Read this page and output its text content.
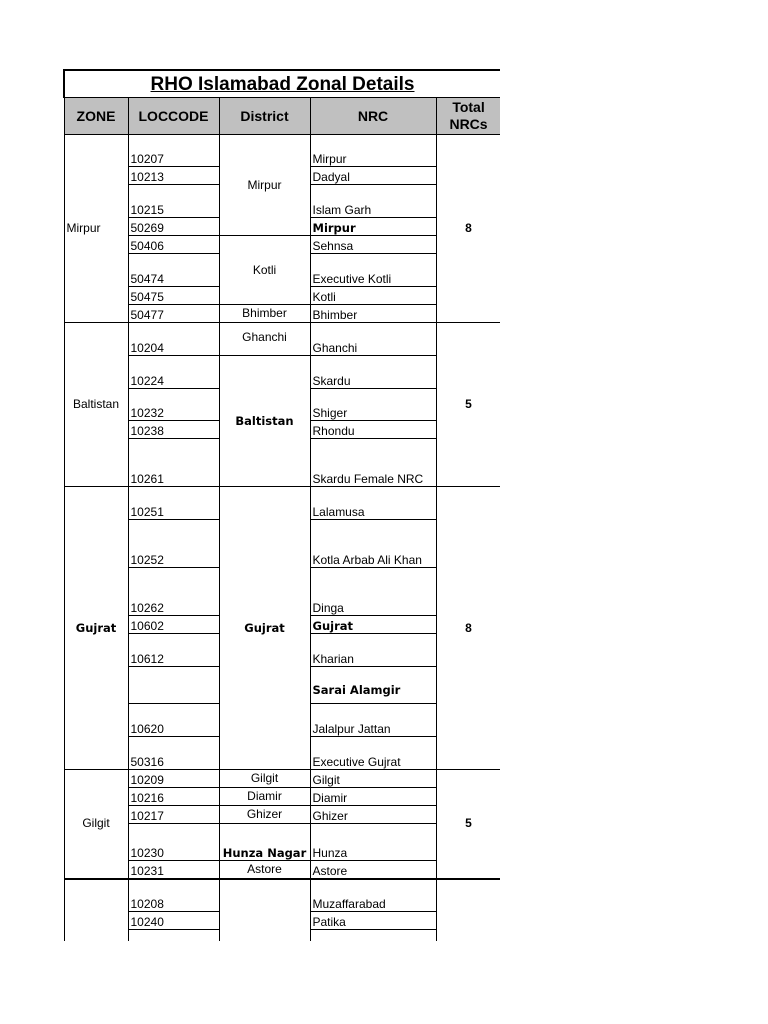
RHO Islamabad Zonal Details				
ZONE	LOCCODE	District	NRC	Total
NRCs
Mirpur	10207	Mirpur	Mirpur	8
	10213		Dadyal	
	10215		Islam Garh	
	50269		Mirpur	
	50406	Kotli	Sehnsa	
	50474		Executive Kotli	
	50475		Kotli	
	50477	Bhimber	Bhimber	
Baltistan	10204	Ghanchi	Ghanchi	5
	10224	Baltistan	Skardu	
	10232		Shiger	
	10238		Rhondu	
	10261		Skardu Female NRC	
Gujrat	10251	Gujrat	Lalamusa	8
	10252		Kotla Arbab Ali Khan	
	10262		Dinga	
	10602		Gujrat	
	10612		Kharian	
			Sarai Alamgir	
	10620		Jalalpur Jattan	
	50316		Executive Gujrat	
Gilgit	10209	Gilgit	Gilgit	5
	10216	Diamir	Diamir	
	10217	Ghizer	Ghizer	
	10230	Hunza Nagar	Hunza	
	10231	Astore	Astore	
	10208		Muzaffarabad	
	10240		Patika	
